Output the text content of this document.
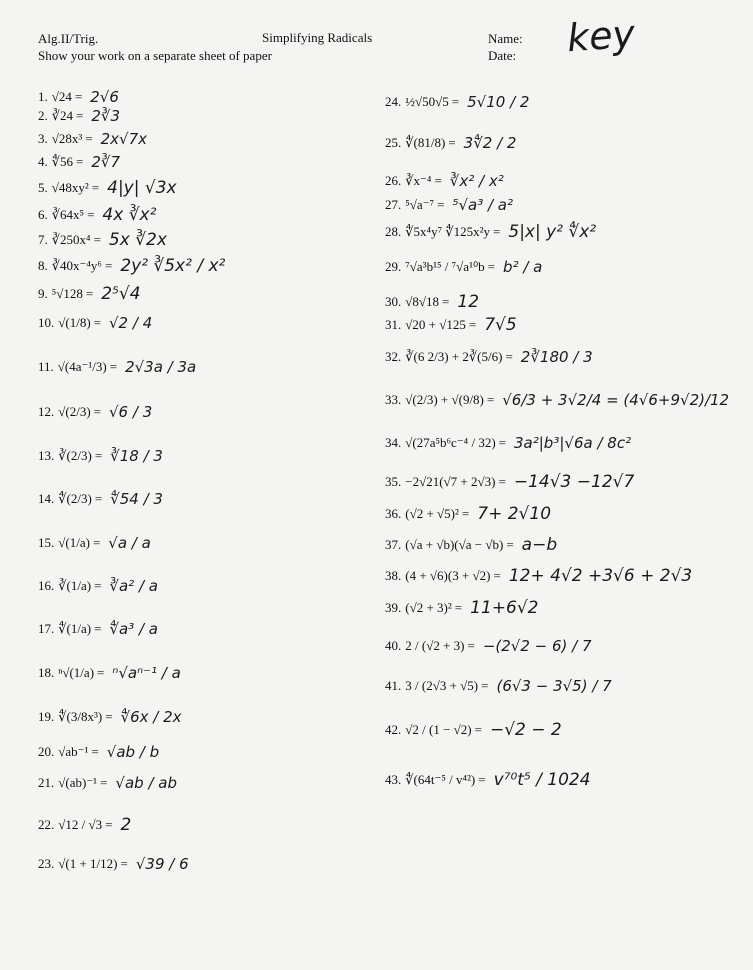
Alg.II/Trig.
Show your work on a separate sheet of paper
Simplifying Radicals	Name:
Date: key
1. √24 = 2√6
2. ∛24 = 2∛3
3. √28x³ = 2x√7x
4. ∜56 = 2∛7
5. √48xy² = 4|y| √3x
6. ∛64x⁵ = 4x ∛x²
7. ∛250x⁴ = 5x ∛2x
8. ∛40x⁻⁴y⁶ = 2y² ∛5x² / x²
9. ⁵√128 = 2⁵√4
10. √(1/8) = √2 / 4
11. √(4a⁻¹/3) = 2√3a / 3a
12. √(2/3) = √6 / 3
13. ∛(2/3) = ∛18 / 3
14. ∜(2/3) = ∜54 / 3
15. √(1/a) = √a / a
16. ∛(1/a) = ∛a² / a
17. ∜(1/a) = ∜a³ / a
18. ⁿ√(1/a) = ⁿ√aⁿ⁻¹ / a
19. ∜(3/8x³) = ∜6x / 2x
20. √ab⁻¹ = √ab / b
21. √(ab)⁻¹ = √ab / ab
22. √12 / √3 = 2
23. √(1 + 1/12) = √39 / 6
24. ½√50√5 = 5√10 / 2
25. ∜(81/8) = 3∜2 / 2
26. ∛x⁻⁴ = ∛x² / x²
27. ⁵√a⁻⁷ = ⁵√a³ / a²
28. ∜5x⁴y⁷ ∜125x²y = 5|x| y² ∜x²
29. ⁷√a³b¹⁵ / ⁷√a¹⁰b = b² / a
30. √8√18 = 12
31. √20 + √125 = 7√5
32. ∛(6 2/3) + 2∛(5/6) = 2∛180 / 3
33. √(2/3) + √(9/8) = √6/3 + 3√2/4 = (4√6+9√2)/12
34. √(27a⁵b⁶c⁻⁴ / 32) = 3a²|b³|√6a / 8c²
35. −2√21(√7 + 2√3) = −14√3 −12√7
36. (√2 + √5)² = 7+ 2√10
37. (√a + √b)(√a − √b) = a−b
38. (4 + √6)(3 + √2) = 12+ 4√2 +3√6 + 2√3
39. (√2 + 3)² = 11+6√2
40. 2 / (√2 + 3) = −(2√2 − 6) / 7
41. 3 / (2√3 + √5) = (6√3 − 3√5) / 7
42. √2 / (1 − √2) = −√2 − 2
43. ∜(64t⁻⁵ / v⁴²) = v⁷⁰t⁵ / 1024
